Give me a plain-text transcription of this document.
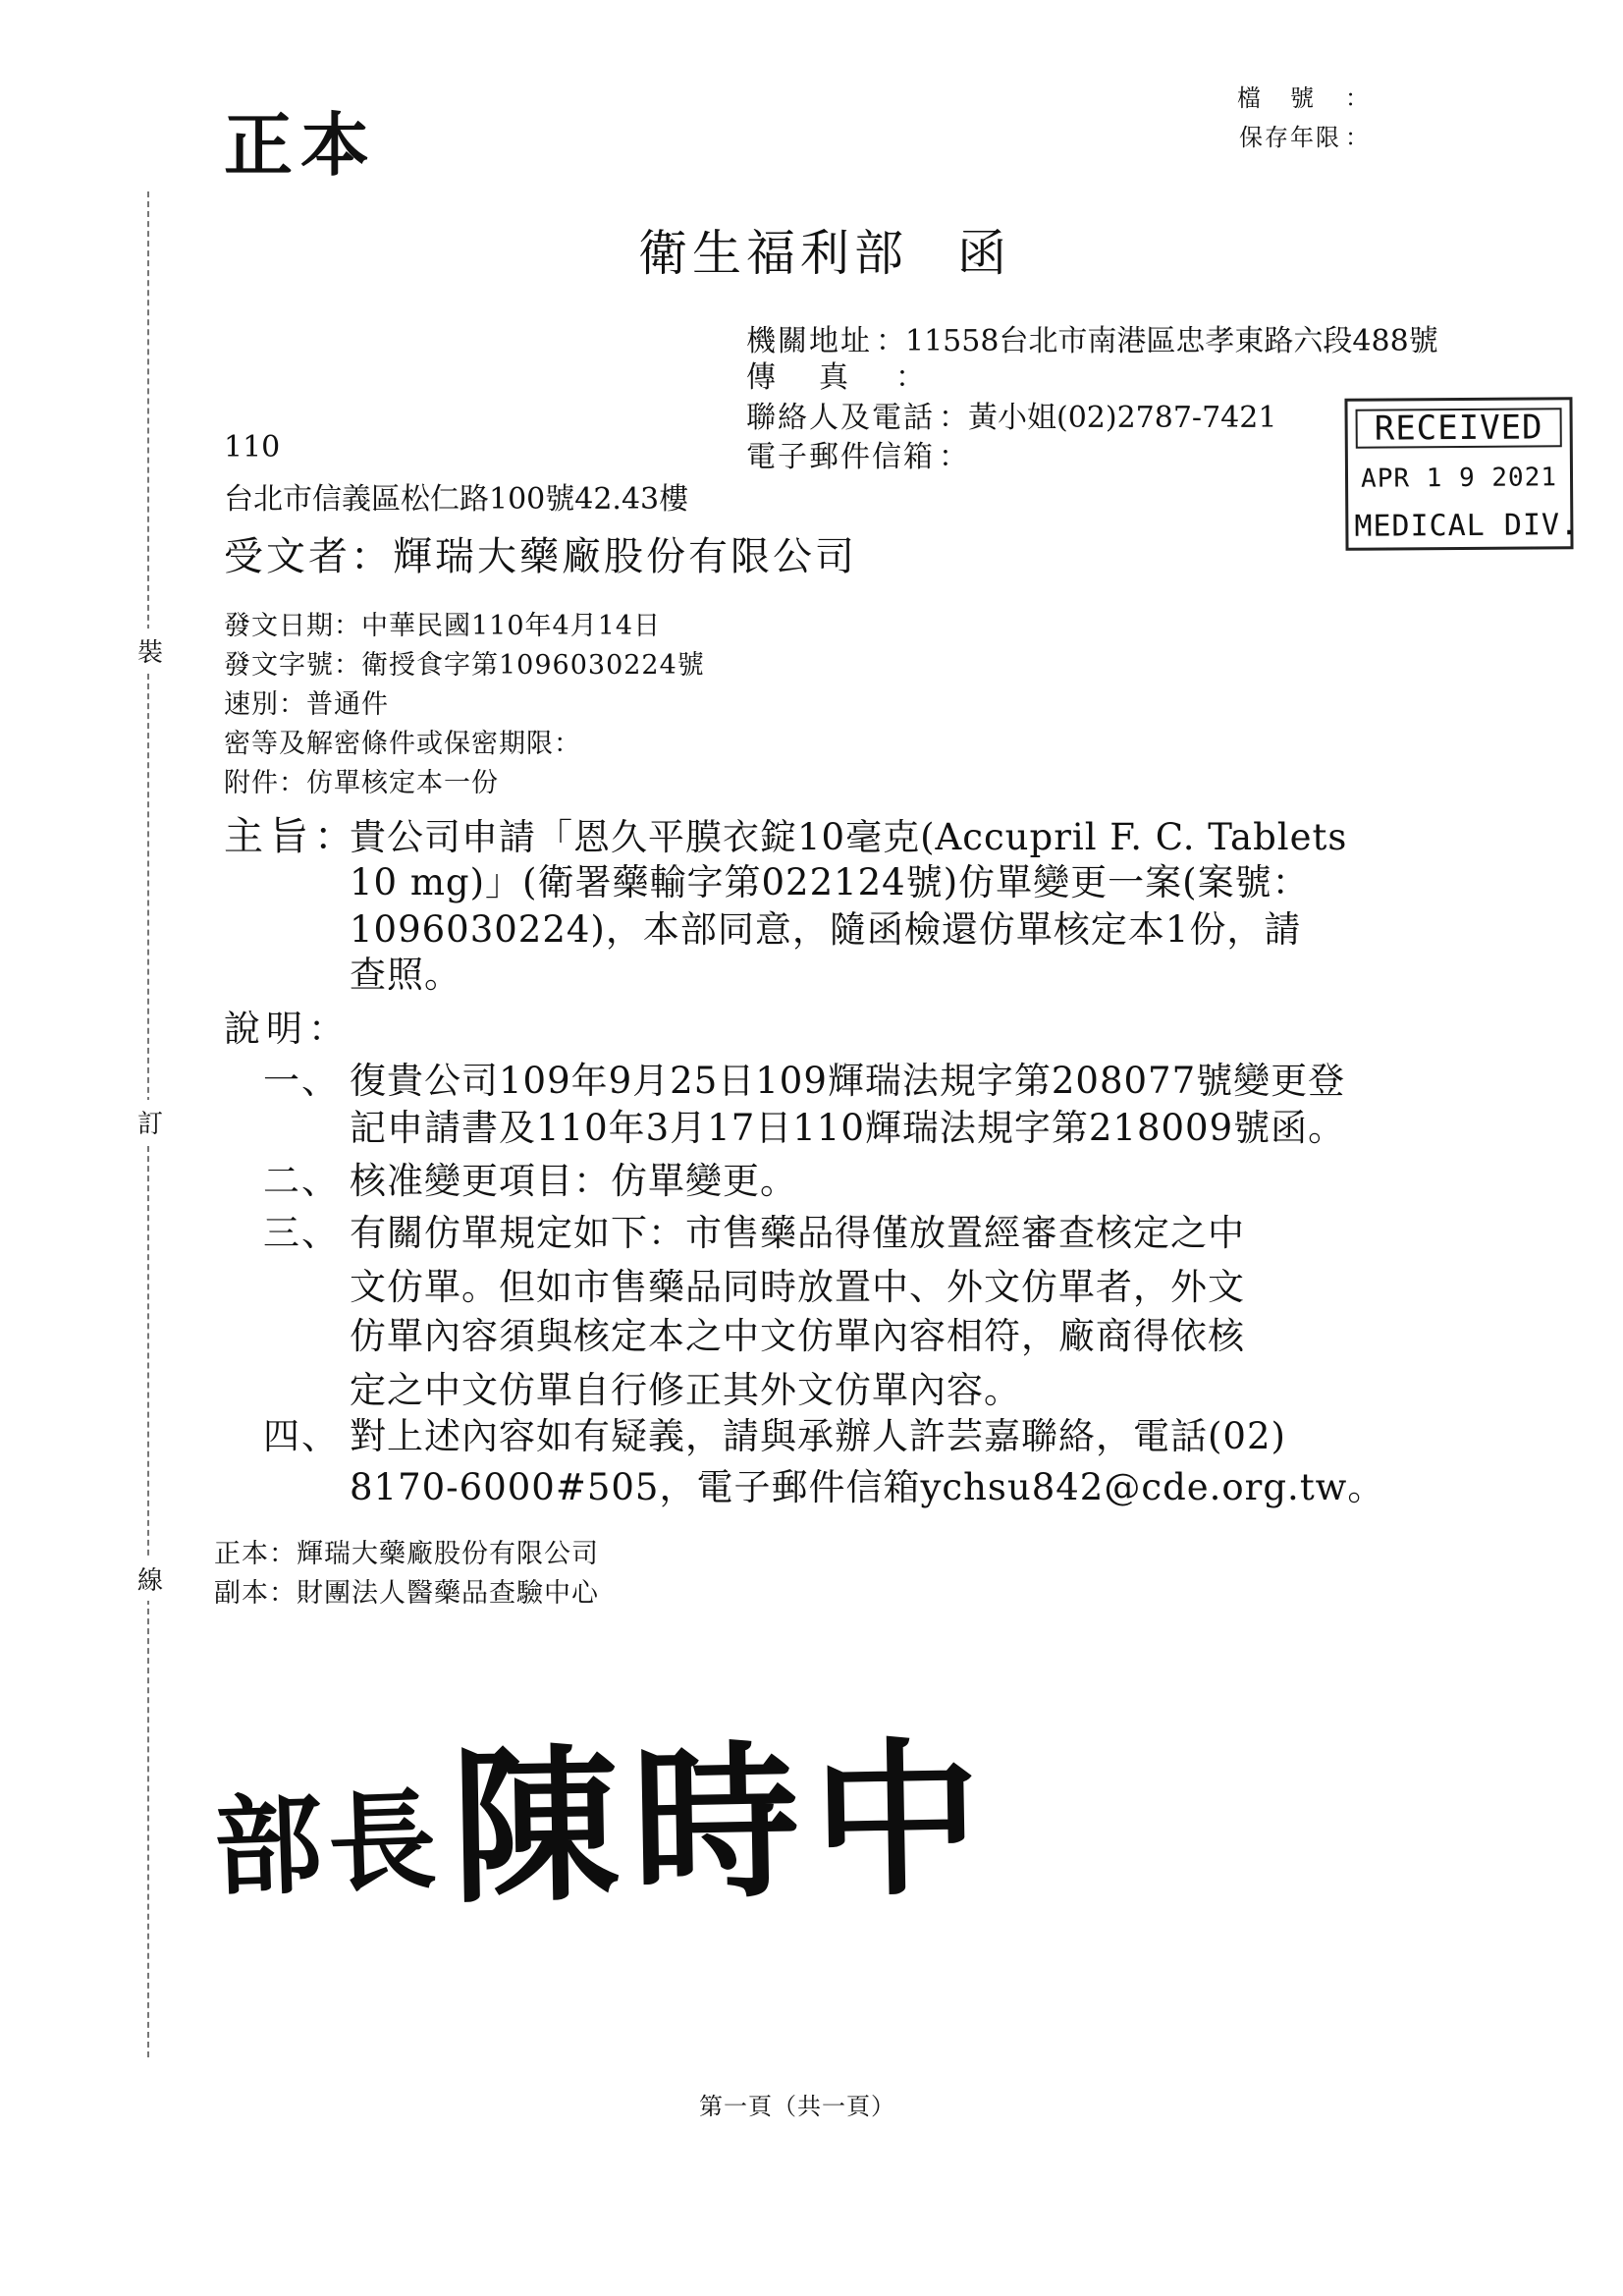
裝
訂
線
正本
檔號 ：
保存年限 ：
衛生福利部 函
機關地址 ：11558台北市南港區忠孝東路六段488號
傳真 ：
聯絡人及電話 ：黃小姐(02)2787-7421
電子郵件信箱 ：
RECEIVED
APR 1 9 2021
MEDICAL DIV.
110
台北市信義區松仁路100號42.43樓
受文者：輝瑞大藥廠股份有限公司
發文日期：中華民國110年4月14日
發文字號：衛授食字第1096030224號
速別：普通件
密等及解密條件或保密期限：
附件：仿單核定本一份
主旨：
貴公司申請「恩久平膜衣錠10毫克(Accupril F. C. Tablets
10 mg)」(衛署藥輸字第022124號)仿單變更一案(案號：
1096030224)，本部同意，隨函檢還仿單核定本1份，請
查照。
說明：
一、 復貴公司109年9月25日109輝瑞法規字第208077號變更登
記申請書及110年3月17日110輝瑞法規字第218009號函。
二、 核准變更項目：仿單變更。
三、 有關仿單規定如下：市售藥品得僅放置經審查核定之中
文仿單。但如市售藥品同時放置中、外文仿單者，外文
仿單內容須與核定本之中文仿單內容相符，廠商得依核
定之中文仿單自行修正其外文仿單內容。
四、 對上述內容如有疑義，請與承辦人許芸嘉聯絡，電話(02)
8170-6000#505，電子郵件信箱ychsu842@cde.org.tw。
正本：輝瑞大藥廠股份有限公司
副本：財團法人醫藥品查驗中心
部長陳時中
第一頁（共一頁）
